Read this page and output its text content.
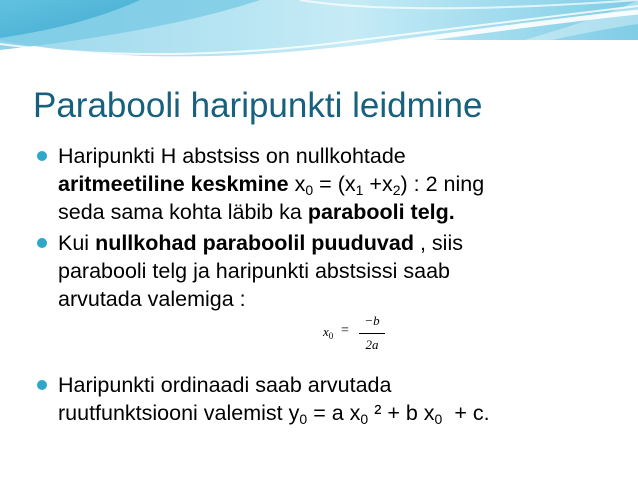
Parabooli haripunkti leidmine
Haripunkti H abstsiss on nullkohtade
aritmeetiline keskmine $x_0 = (x_1 +x_2)$ : 2 ning
seda sama kohta läbib ka parabooli telg.
Kui nullkohad paraboolil puuduvad , siis
parabooli telg ja haripunkti abstsissi saab
arvutada valemiga :
Haripunkti ordinaadi saab arvutada
ruutfunktsiooni valemist $y_0 = a$ $x_0$ ² + b $x_0 + c$.
$x_0$ =
−b
2a
